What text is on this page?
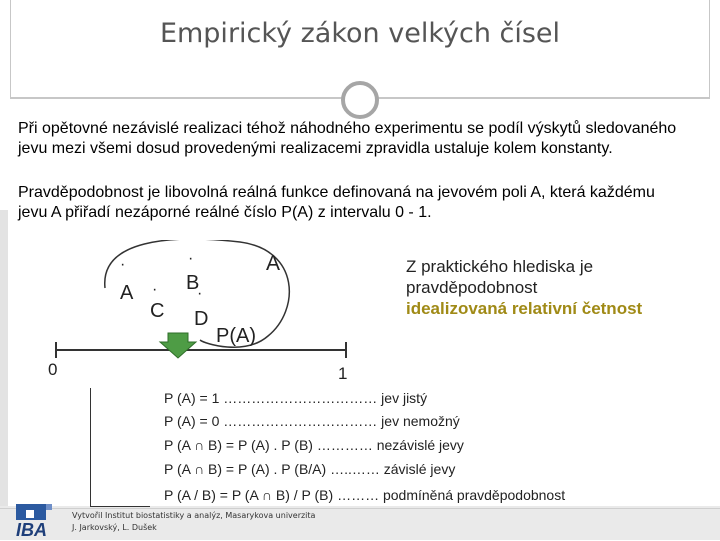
Empirický zákon velkých čísel
Při opětovné nezávislé realizaci téhož náhodného experimentu se podíl výskytů sledovaného jevu mezi všemi dosud provedenými realizacemi zpravidla ustaluje kolem konstanty.
Pravděpodobnost je libovolná reálná funkce definovaná na jevovém poli A, která každému jevu A přiřadí nezáporné reálné číslo P(A) z intervalu 0 - 1.
A
·	·
· ·
A	B
C D
P(A)
0	1
Z praktického hlediska je pravděpodobnost
idealizovaná relativní četnost
P (A) = 1 …………………………… jev jistý
P (A) = 0 …………………………… jev nemožný
P (A ∩ B) = P (A) . P (B) ………… nezávislé jevy
P (A ∩ B) = P (A) . P (B/A) …..…… závislé jevy
P (A / B) = P (A ∩ B) / P (B) ……… podmíněná pravděpodobnost
IBA
Vytvořil Institut biostatistiky a analýz, Masarykova univerzita
J. Jarkovský, L. Dušek
